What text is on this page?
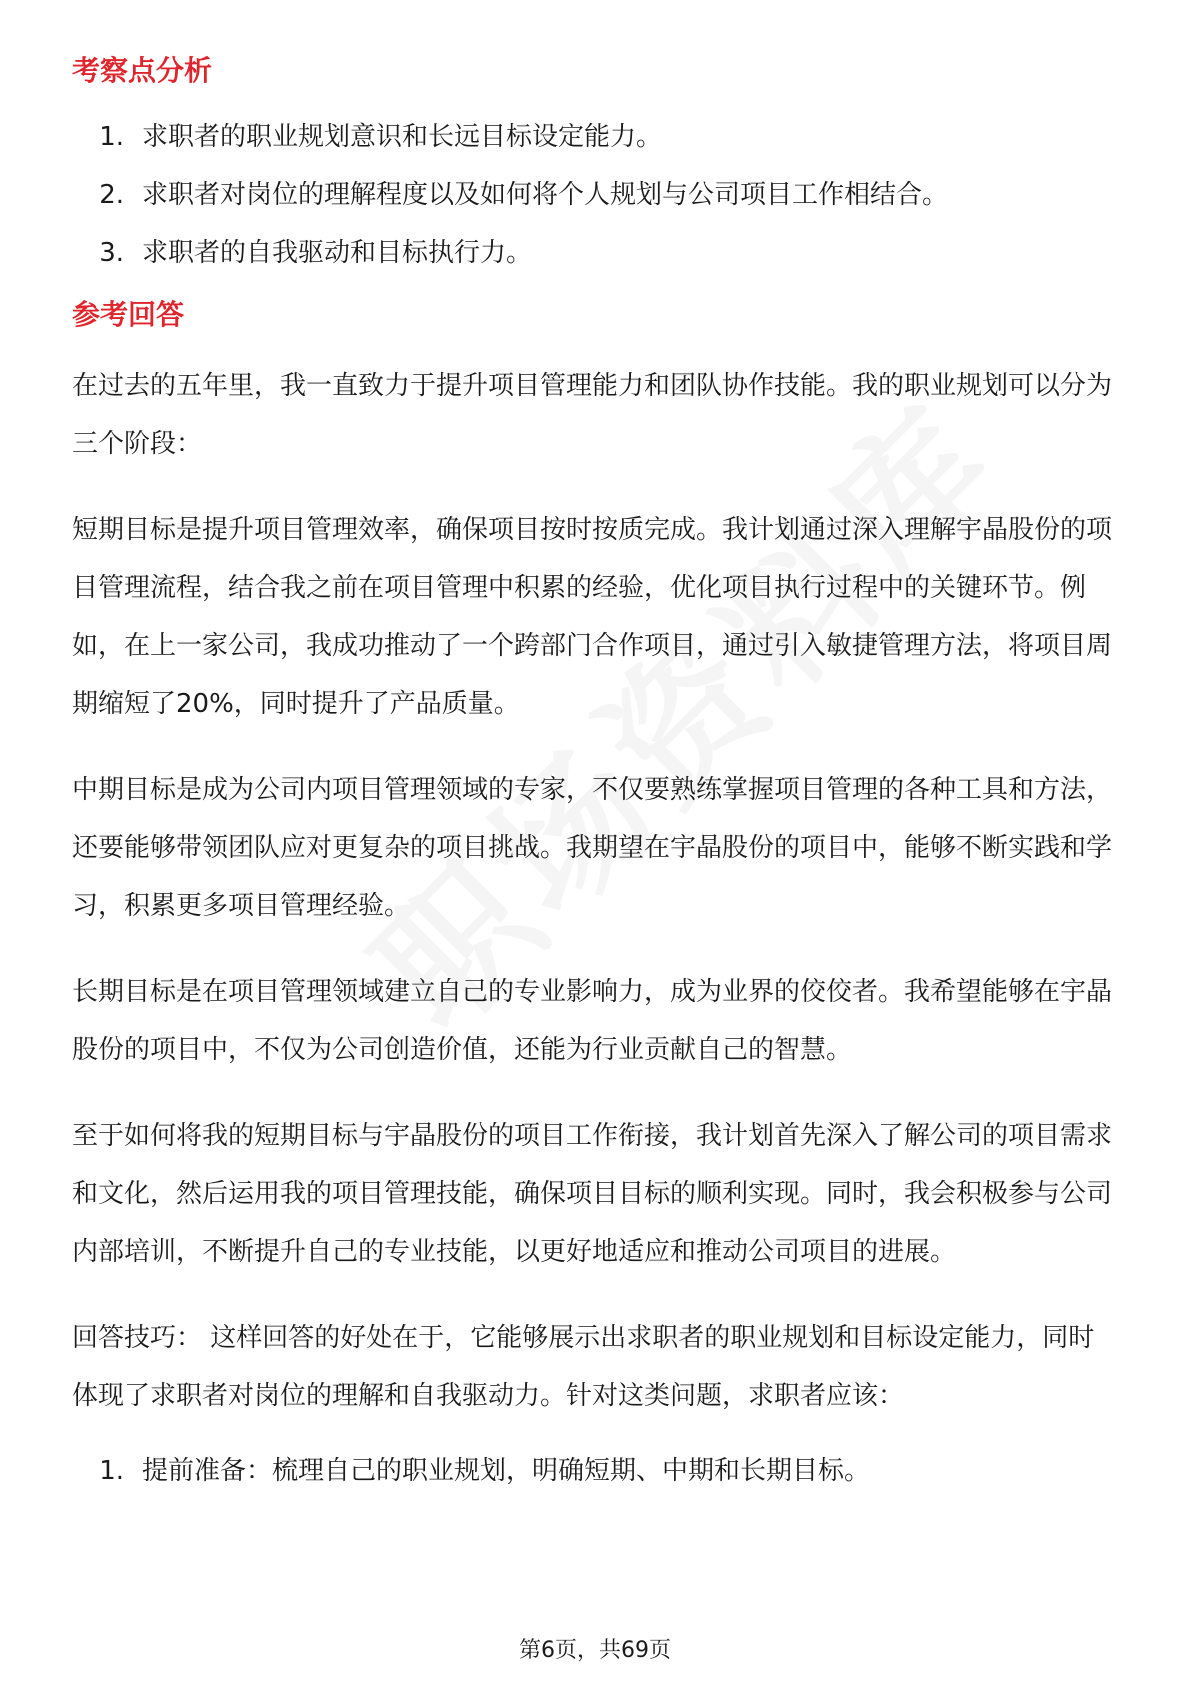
考察点分析
1. 求职者的职业规划意识和长远目标设定能力。
2. 求职者对岗位的理解程度以及如何将个人规划与公司项目工作相结合。
3. 求职者的自我驱动和目标执行力。
参考回答

在过去的五年里，我一直致力于提升项目管理能力和团队协作技能。我的职业规划可以分为三个阶段：

短期目标是提升项目管理效率，确保项目按时按质完成。我计划通过深入理解宇晶股份的项目管理流程，结合我之前在项目管理中积累的经验，优化项目执行过程中的关键环节。例如，在上一家公司，我成功推动了一个跨部门合作项目，通过引入敏捷管理方法，将项目周期缩短了20%，同时提升了产品质量。

中期目标是成为公司内项目管理领域的专家，不仅要熟练掌握项目管理的各种工具和方法，还要能够带领团队应对更复杂的项目挑战。我期望在宇晶股份的项目中，能够不断实践和学习，积累更多项目管理经验。

长期目标是在项目管理领域建立自己的专业影响力，成为业界的佼佼者。我希望能够在宇晶股份的项目中，不仅为公司创造价值，还能为行业贡献自己的智慧。

至于如何将我的短期目标与宇晶股份的项目工作衔接，我计划首先深入了解公司的项目需求和文化，然后运用我的项目管理技能，确保项目目标的顺利实现。同时，我会积极参与公司内部培训，不断提升自己的专业技能，以更好地适应和推动公司项目的进展。

回答技巧： 这样回答的好处在于，它能够展示出求职者的职业规划和目标设定能力，同时体现了求职者对岗位的理解和自我驱动力。针对这类问题，求职者应该：

1. 提前准备：梳理自己的职业规划，明确短期、中期和长期目标。
第6页，共69页
